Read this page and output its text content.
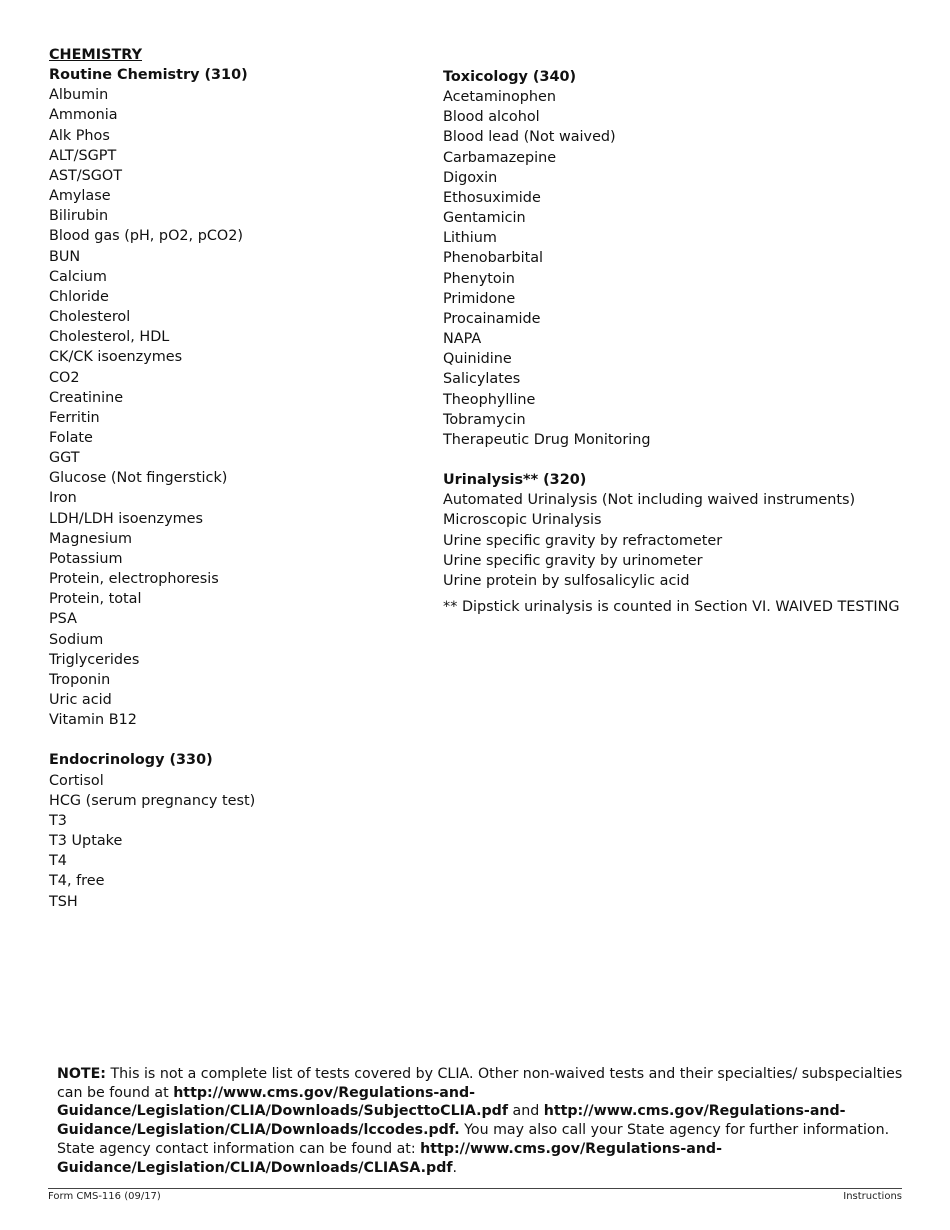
CHEMISTRY
Routine Chemistry (310)
Albumin
Ammonia
Alk Phos
ALT/SGPT
AST/SGOT
Amylase
Bilirubin
Blood gas (pH, pO2, pCO2)
BUN
Calcium
Chloride
Cholesterol
Cholesterol, HDL
CK/CK isoenzymes
CO2
Creatinine
Ferritin
Folate
GGT
Glucose (Not fingerstick)
Iron
LDH/LDH isoenzymes
Magnesium
Potassium
Protein, electrophoresis
Protein, total
PSA
Sodium
Triglycerides
Troponin
Uric acid
Vitamin B12
Endocrinology (330)
Cortisol
HCG (serum pregnancy test)
T3
T3 Uptake
T4
T4, free
TSH
Toxicology (340)
Acetaminophen
Blood alcohol
Blood lead (Not waived)
Carbamazepine
Digoxin
Ethosuximide
Gentamicin
Lithium
Phenobarbital
Phenytoin
Primidone
Procainamide
NAPA
Quinidine
Salicylates
Theophylline
Tobramycin
Therapeutic Drug Monitoring
Urinalysis** (320)
Automated Urinalysis (Not including waived instruments)
Microscopic Urinalysis
Urine specific gravity by refractometer
Urine specific gravity by urinometer
Urine protein by sulfosalicylic acid
** Dipstick urinalysis is counted in Section VI. WAIVED TESTING
NOTE: This is not a complete list of tests covered by CLIA. Other non-waived tests and their specialties/ subspecialties can be found at http://www.cms.gov/Regulations-and-Guidance/Legislation/CLIA/Downloads/SubjecttoCLIA.pdf and http://www.cms.gov/Regulations-and-Guidance/Legislation/CLIA/Downloads/lccodes.pdf. You may also call your State agency for further information. State agency contact information can be found at: http://www.cms.gov/Regulations-and-Guidance/Legislation/CLIA/Downloads/CLIASA.pdf.
Form CMS-116 (09/17)	Instructions
